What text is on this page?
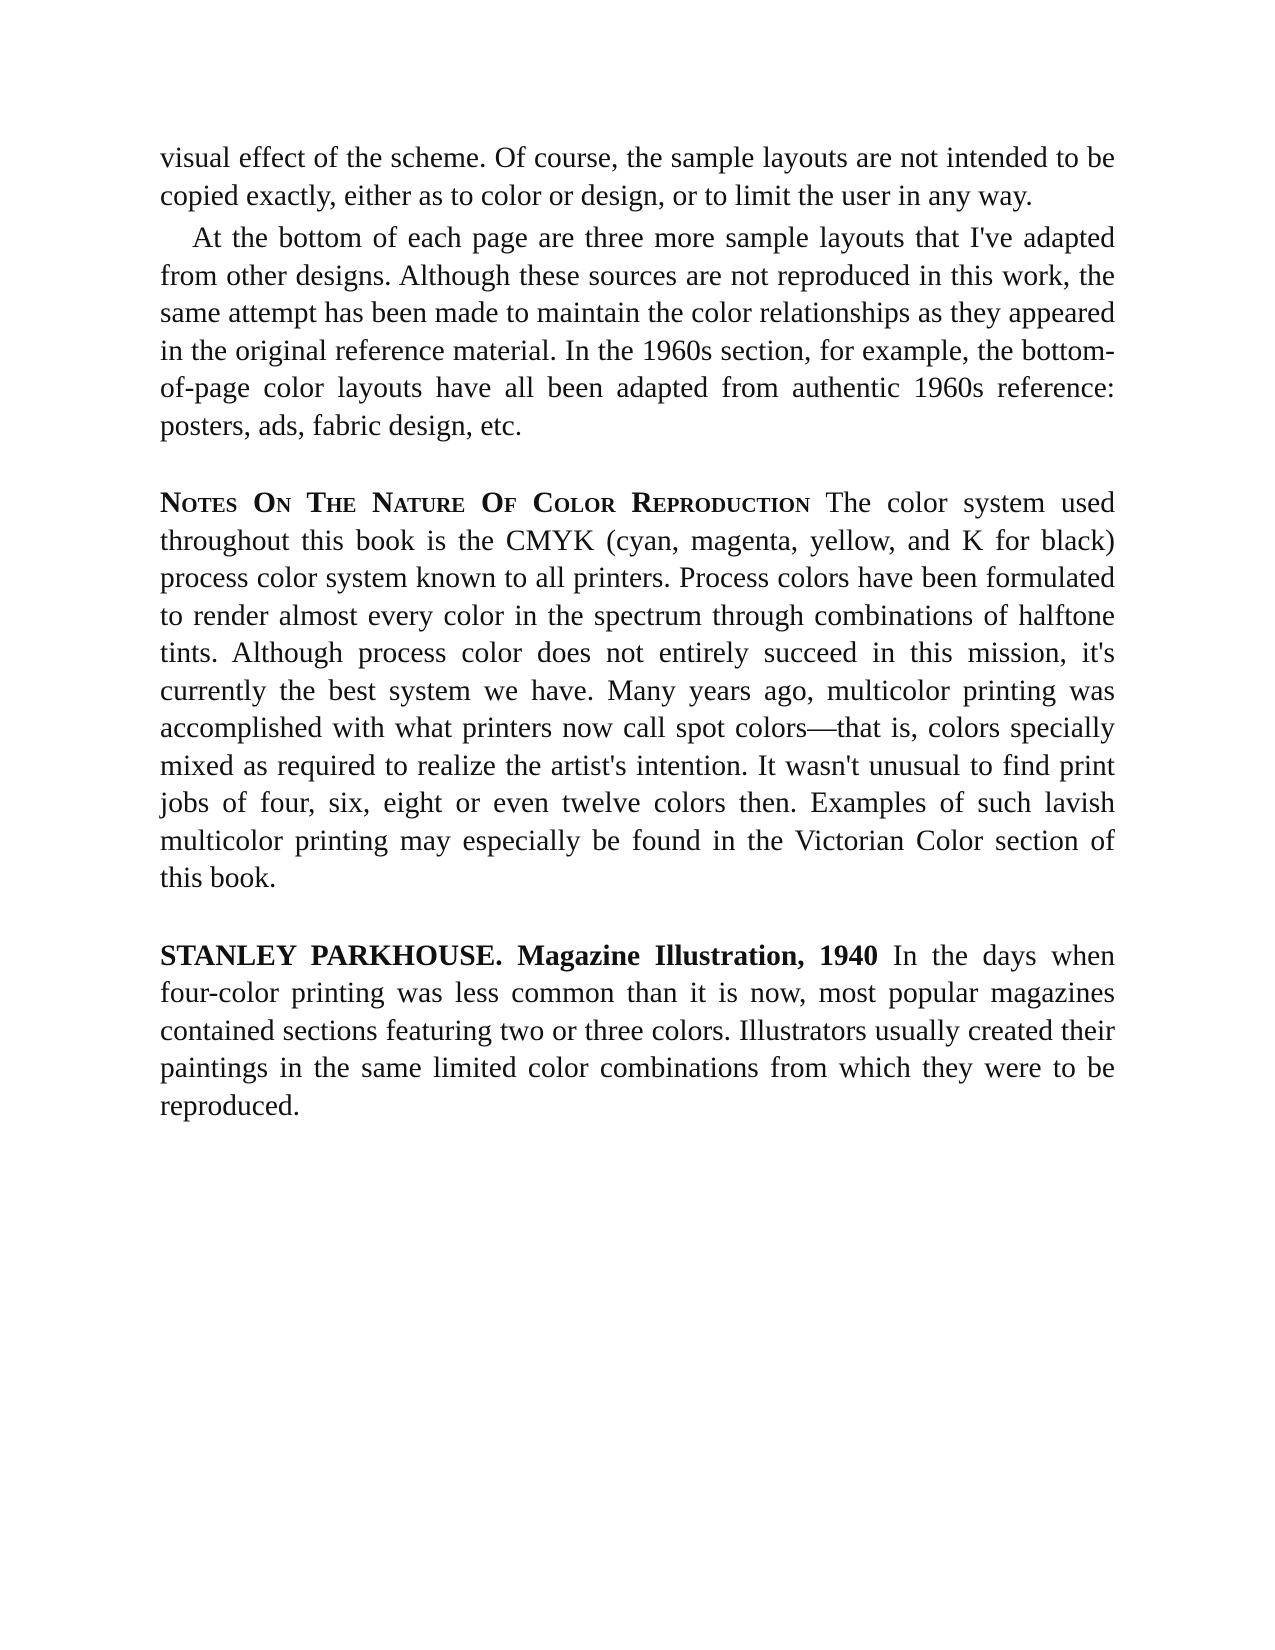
visual effect of the scheme. Of course, the sample layouts are not intended to be copied exactly, either as to color or design, or to limit the user in any way.

At the bottom of each page are three more sample layouts that I've adapted from other designs. Although these sources are not reproduced in this work, the same attempt has been made to maintain the color relationships as they appeared in the original reference material. In the 1960s section, for example, the bottom-of-page color layouts have all been adapted from authentic 1960s reference: posters, ads, fabric design, etc.

Notes On The Nature Of Color Reproduction The color system used throughout this book is the CMYK (cyan, magenta, yellow, and K for black) process color system known to all printers. Process colors have been formulated to render almost every color in the spectrum through combinations of halftone tints. Although process color does not entirely succeed in this mission, it's currently the best system we have. Many years ago, multicolor printing was accomplished with what printers now call spot colors—that is, colors specially mixed as required to realize the artist's intention. It wasn't unusual to find print jobs of four, six, eight or even twelve colors then. Examples of such lavish multicolor printing may especially be found in the Victorian Color section of this book.

STANLEY PARKHOUSE. Magazine Illustration, 1940 In the days when four-color printing was less common than it is now, most popular magazines contained sections featuring two or three colors. Illustrators usually created their paintings in the same limited color combinations from which they were to be reproduced.
